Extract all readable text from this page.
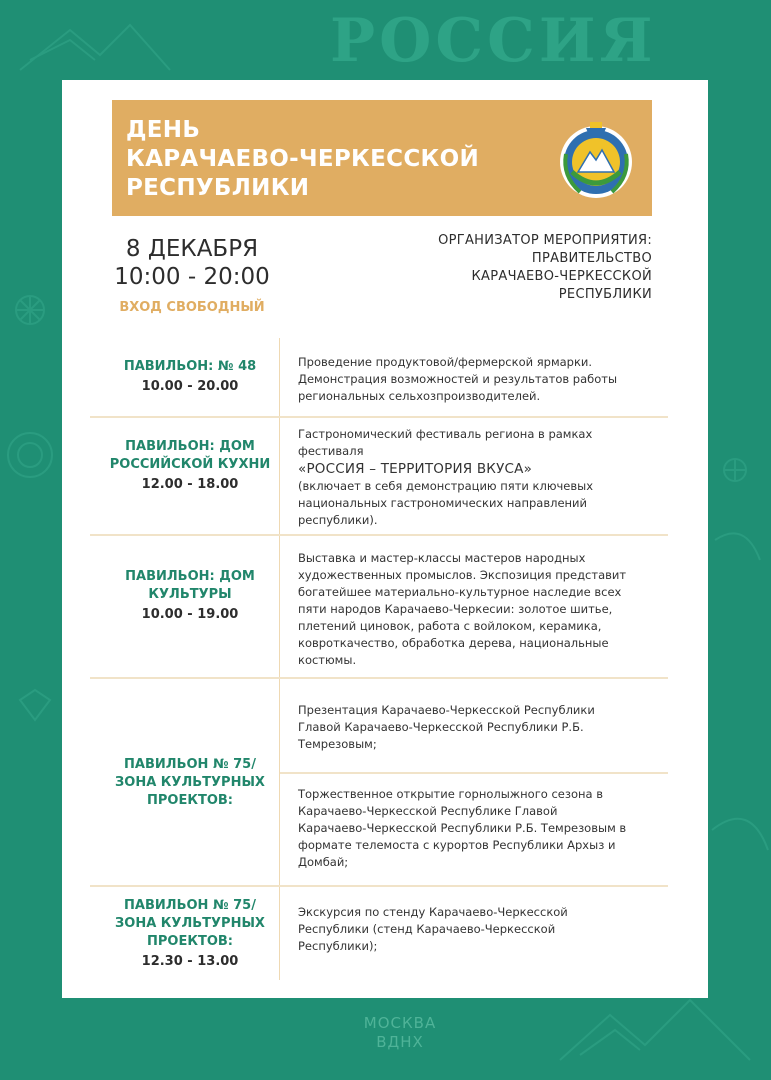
РОССИЯ
МОСКВА
ВДНХ
ДЕНЬ
КАРАЧАЕВО-ЧЕРКЕССКОЙ
РЕСПУБЛИКИ
8 ДЕКАБРЯ
10:00 - 20:00
ВХОД СВОБОДНЫЙ
ОРГАНИЗАТОР МЕРОПРИЯТИЯ:
ПРАВИТЕЛЬСТВО
КАРАЧАЕВО-ЧЕРКЕССКОЙ
РЕСПУБЛИКИ
ПАВИЛЬОН: № 48
10.00 - 20.00
Проведение продуктовой/фермерской ярмарки. Демонстрация возможностей и результатов работы региональных сельхозпроизводителей.
ПАВИЛЬОН: ДОМ РОССИЙСКОЙ КУХНИ
12.00 - 18.00
Гастрономический фестиваль региона в рамках фестиваля
«РОССИЯ – ТЕРРИТОРИЯ ВКУСА»
(включает в себя демонстрацию пяти ключевых национальных гастрономических направлений республики).
ПАВИЛЬОН: ДОМ КУЛЬТУРЫ
10.00 - 19.00
Выставка и мастер-классы мастеров народных художественных промыслов. Экспозиция представит богатейшее материально-культурное наследие всех пяти народов Карачаево-Черкесии: золотое шитье, плетений циновок, работа с войлоком, керамика, ковроткачество, обработка дерева, национальные костюмы.
ПАВИЛЬОН № 75/ ЗОНА КУЛЬТУРНЫХ ПРОЕКТОВ:
Презентация Карачаево-Черкесской Республики Главой Карачаево-Черкесской Республики Р.Б. Темрезовым;
Торжественное открытие горнолыжного сезона в Карачаево-Черкесской Республике Главой Карачаево-Черкесской Республики Р.Б. Темрезовым в формате телемоста с курортов Республики Архыз и Домбай;
ПАВИЛЬОН № 75/ ЗОНА КУЛЬТУРНЫХ ПРОЕКТОВ:
12.30 - 13.00
Экскурсия по стенду Карачаево-Черкесской Республики (стенд Карачаево-Черкесской Республики);
